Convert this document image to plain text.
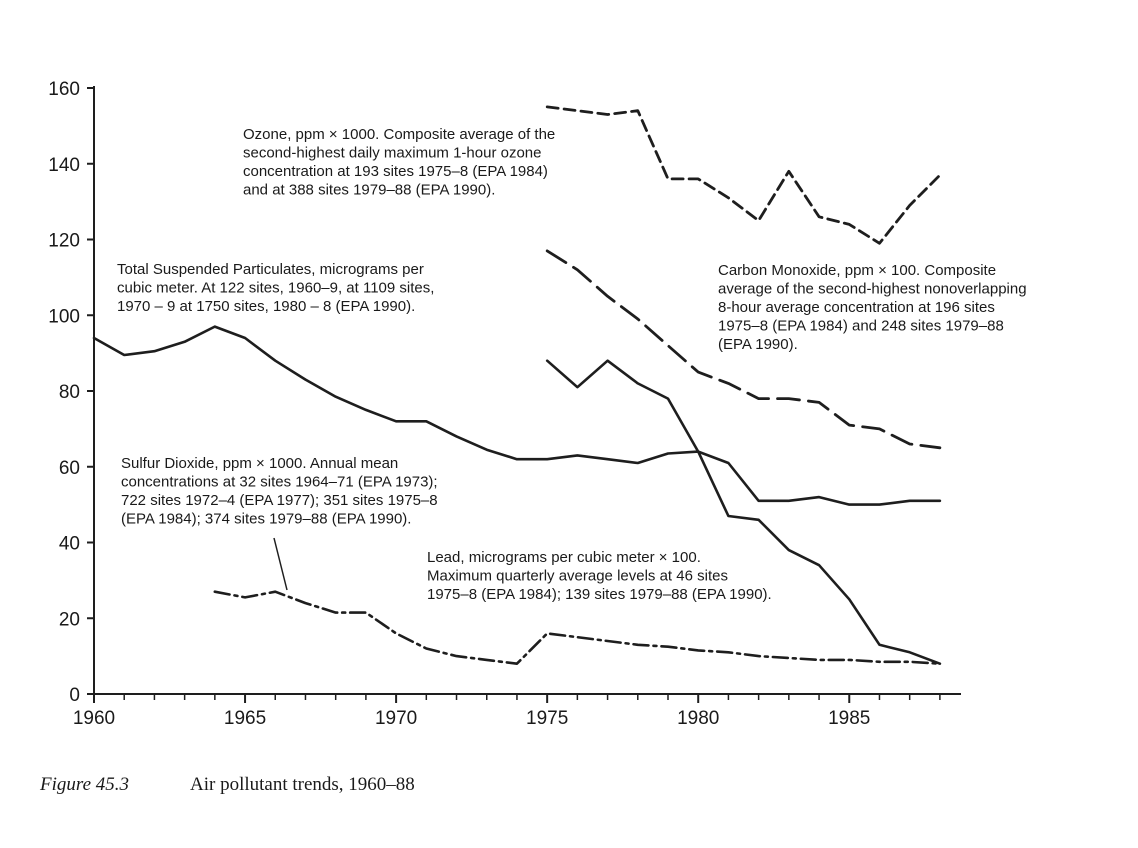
0
20
40
60
80
100
120
140
160
1960	1965	1970	1975	1980	1985
Total Suspended Particulates, micrograms per
cubic meter. At 122 sites, 1960–9, at 1109 sites,
1970 – 9 at 1750 sites, 1980 – 8 (EPA 1990).
Ozone, ppm × 1000. Composite average of the
second-highest daily maximum 1-hour ozone
concentration at 193 sites 1975–8 (EPA 1984)
and at 388 sites 1979–88 (EPA 1990).
Carbon Monoxide, ppm × 100. Composite
average of the second-highest nonoverlapping
8-hour average concentration at 196 sites
1975–8 (EPA 1984) and 248 sites 1979–88
(EPA 1990).
Sulfur Dioxide, ppm × 1000. Annual mean
concentrations at 32 sites 1964–71 (EPA 1973);
722 sites 1972–4 (EPA 1977); 351 sites 1975–8
(EPA 1984); 374 sites 1979–88 (EPA 1990).
Lead, micrograms per cubic meter × 100.
Maximum quarterly average levels at 46 sites
1975–8 (EPA 1984); 139 sites 1979–88 (EPA 1990).
Figure 45.3	Air pollutant trends, 1960–88
